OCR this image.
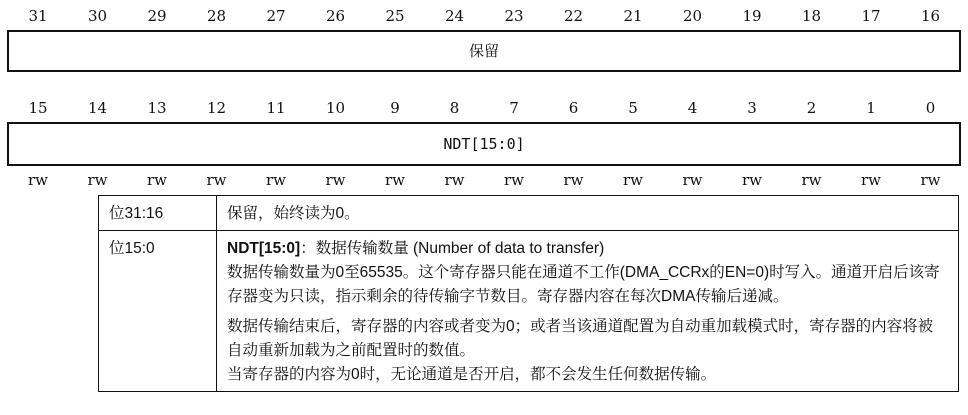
31	30	29	28	27	26	25	24	23	22	21	20	19	18	17	16
保留
15	14	13	12	11	10	9	8	7	6	5	4	3	2	1	0
NDT[15:0]
rw	rw	rw	rw	rw	rw	rw	rw	rw	rw	rw	rw	rw	rw	rw	rw
位31:16	保留，始终读为0。
位15:0	NDT[15:0]：数据传输数量 (Number of data to transfer)

数据传输数量为0至65535。这个寄存器只能在通道不工作(DMA_CCRx的EN=0)时写入。通道开启后该寄存器变为只读，指示剩余的待传输字节数目。寄存器内容在每次DMA传输后递减。

数据传输结束后，寄存器的内容或者变为0；或者当该通道配置为自动重加载模式时，寄存器的内容将被自动重新加载为之前配置时的数值。

当寄存器的内容为0时，无论通道是否开启，都不会发生任何数据传输。
